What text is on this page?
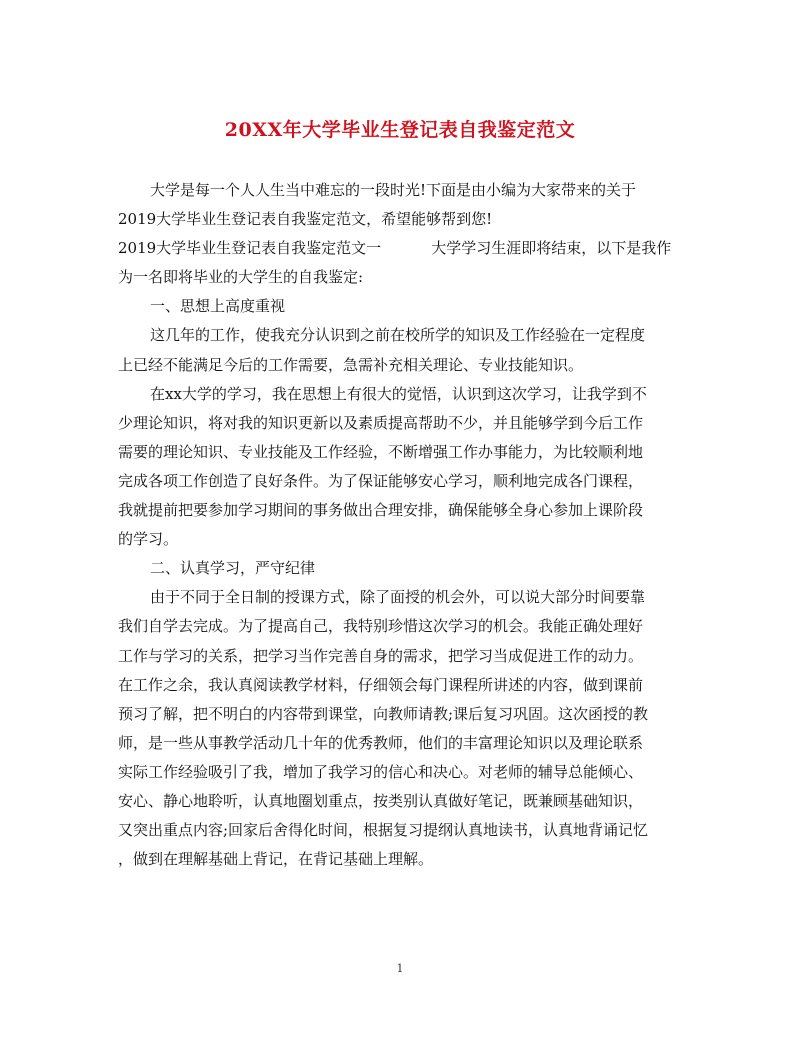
20XX年大学毕业生登记表自我鉴定范文
大学是每一个人人生当中难忘的一段时光!下面是由小编为大家带来的关于
2019大学毕业生登记表自我鉴定范文，希望能够帮到您!
2019大学毕业生登记表自我鉴定范文一	大学学习生涯即将结束，以下是我作
为一名即将毕业的大学生的自我鉴定:
一、思想上高度重视
这几年的工作，使我充分认识到之前在校所学的知识及工作经验在一定程度
上已经不能满足今后的工作需要，急需补充相关理论、专业技能知识。
在xx大学的学习，我在思想上有很大的觉悟，认识到这次学习，让我学到不
少理论知识，将对我的知识更新以及素质提高帮助不少，并且能够学到今后工作
需要的理论知识、专业技能及工作经验，不断增强工作办事能力，为比较顺利地
完成各项工作创造了良好条件。为了保证能够安心学习，顺利地完成各门课程，
我就提前把要参加学习期间的事务做出合理安排，确保能够全身心参加上课阶段
的学习。
二、认真学习，严守纪律
由于不同于全日制的授课方式，除了面授的机会外，可以说大部分时间要靠
我们自学去完成。为了提高自己，我特别珍惜这次学习的机会。我能正确处理好
工作与学习的关系，把学习当作完善自身的需求，把学习当成促进工作的动力。
在工作之余，我认真阅读教学材料，仔细领会每门课程所讲述的内容，做到课前
预习了解，把不明白的内容带到课堂，向教师请教;课后复习巩固。这次函授的教
师，是一些从事教学活动几十年的优秀教师，他们的丰富理论知识以及理论联系
实际工作经验吸引了我，增加了我学习的信心和决心。对老师的辅导总能倾心、
安心、静心地聆听，认真地圈划重点，按类别认真做好笔记，既兼顾基础知识，
又突出重点内容;回家后舍得化时间，根据复习提纲认真地读书，认真地背诵记忆
，做到在理解基础上背记，在背记基础上理解。
1
